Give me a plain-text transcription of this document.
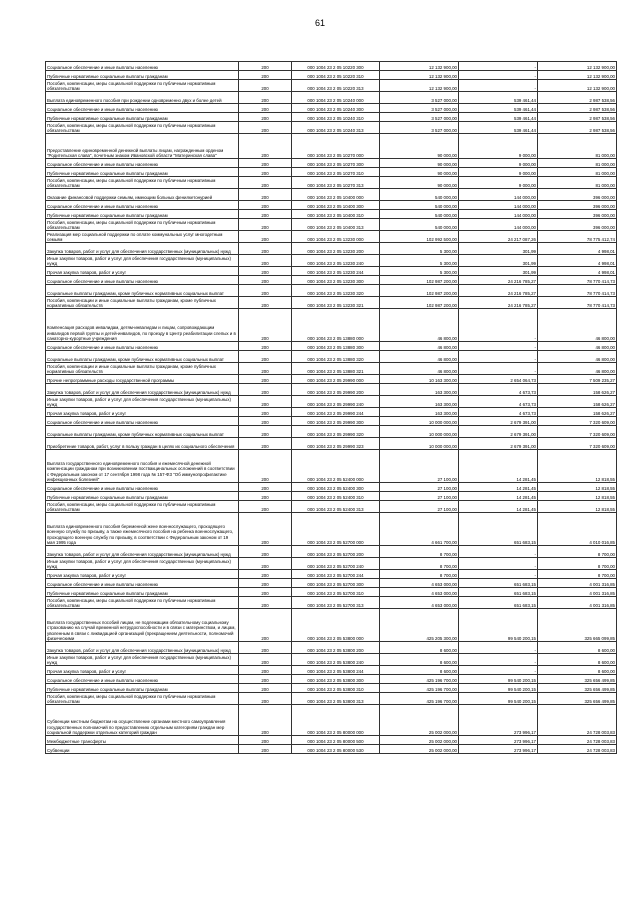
61
Социальное обеспечение и иные выплаты населению	200	000 1004 23 2 05 10220 300	12 132 900,00	-	12 132 900,00
Публичные нормативные социальные выплаты гражданам	200	000 1004 23 2 05 10220 310	12 132 900,00	-	12 132 900,00
Пособия, компенсации, меры социальной поддержки по публичным нормативным обязательствам	200	000 1004 23 2 05 10220 313	12 132 900,00	-	12 132 900,00
Выплата единовременного пособия при рождении одновременно двух и более детей	200	000 1004 23 2 05 10240 000	3 527 000,00	539 461,44	2 987 538,56
Социальное обеспечение и иные выплаты населению	200	000 1004 23 2 05 10240 300	3 527 000,00	539 461,44	2 987 538,56
Публичные нормативные социальные выплаты гражданам	200	000 1004 23 2 05 10240 310	3 527 000,00	539 461,44	2 987 538,56
Пособия, компенсации, меры социальной поддержки по публичным нормативным обязательствам	200	000 1004 23 2 05 10240 313	3 527 000,00	539 461,44	2 987 538,56
Предоставление единовременной денежной выплаты лицам, награжденным орденом "Родительская слава", почетным знаком Ивановской области "Материнская слава"	200	000 1004 23 2 05 10270 000	90 000,00	9 000,00	81 000,00
Социальное обеспечение и иные выплаты населению	200	000 1004 23 2 05 10270 300	90 000,00	9 000,00	81 000,00
Публичные нормативные социальные выплаты гражданам	200	000 1004 23 2 05 10270 310	90 000,00	9 000,00	81 000,00
Пособия, компенсации, меры социальной поддержки по публичным нормативным обязательствам	200	000 1004 23 2 05 10270 313	90 000,00	9 000,00	81 000,00
Оказание финансовой поддержки семьям, имеющим больных фенилкетонурией	200	000 1004 23 2 05 10400 000	540 000,00	144 000,00	396 000,00
Социальное обеспечение и иные выплаты населению	200	000 1004 23 2 05 10400 300	540 000,00	144 000,00	396 000,00
Публичные нормативные социальные выплаты гражданам	200	000 1004 23 2 05 10400 310	540 000,00	144 000,00	396 000,00
Пособия, компенсации, меры социальной поддержки по публичным нормативным обязательствам	200	000 1004 23 2 05 10400 313	540 000,00	144 000,00	396 000,00
Реализация мер социальной поддержки по оплате коммунальных услуг многодетным семьям	200	000 1004 23 2 05 13230 000	102 992 500,00	24 217 087,26	78 775 412,74
Закупка товаров, работ и услуг для обеспечения государственных (муниципальных) нужд	200	000 1004 23 2 05 13230 200	5 300,00	301,99	4 998,01
Иные закупки товаров, работ и услуг для обеспечения государственных (муниципальных) нужд	200	000 1004 23 2 05 13230 240	5 300,00	301,99	4 998,01
Прочая закупка товаров, работ и услуг	200	000 1004 23 2 05 13230 244	5 300,00	301,99	4 998,01
Социальное обеспечение и иные выплаты населению	200	000 1004 23 2 05 13230 300	102 987 200,00	24 216 785,27	78 770 414,73
Социальные выплаты гражданам, кроме публичных нормативных социальных выплат	200	000 1004 23 2 05 13230 320	102 987 200,00	24 216 785,27	78 770 414,73
Пособия, компенсации и иные социальные выплаты гражданам, кроме публичных нормативных обязательств	200	000 1004 23 2 05 13230 321	102 987 200,00	24 216 785,27	78 770 414,73
Компенсация расходов инвалидам, детям-инвалидам и лицам, сопровождающим инвалидов первой группы и детей-инвалидов, по проезду в Центр реабилитации слепых и в санаторно-курортные учреждения	200	000 1004 23 2 05 13880 000	46 800,00	-	46 800,00
Социальное обеспечение и иные выплаты населению	200	000 1004 23 2 05 13880 300	46 800,00	-	46 800,00
Социальные выплаты гражданам, кроме публичных нормативных социальных выплат	200	000 1004 23 2 05 13880 320	46 800,00	-	46 800,00
Пособия, компенсации и иные социальные выплаты гражданам, кроме публичных нормативных обязательств	200	000 1004 23 2 05 13880 321	46 800,00	-	46 800,00
Прочие непрограммные расходы государственной программы	200	000 1004 23 2 05 29990 000	10 163 300,00	2 654 064,73	7 509 235,27
Закупка товаров, работ и услуг для обеспечения государственных (муниципальных) нужд	200	000 1004 23 2 05 29990 200	163 300,00	4 673,73	158 626,27
Иные закупки товаров, работ и услуг для обеспечения государственных (муниципальных) нужд	200	000 1004 23 2 05 29990 240	163 300,00	4 673,73	158 626,27
Прочая закупка товаров, работ и услуг	200	000 1004 23 2 05 29990 244	163 300,00	4 673,73	158 626,27
Социальное обеспечение и иные выплаты населению	200	000 1004 23 2 05 29990 300	10 000 000,00	2 679 391,00	7 320 609,00
Социальные выплаты гражданам, кроме публичных нормативных социальных выплат	200	000 1004 23 2 05 29990 320	10 000 000,00	2 679 391,00	7 320 609,00
Приобретение товаров, работ, услуг в пользу граждан в целях их социального обеспечения	200	000 1004 23 2 05 29990 323	10 000 000,00	2 679 391,00	7 320 609,00
Выплата государственного единовременного пособия и ежемесячной денежной компенсации гражданам при возникновении поствакцинальных осложнений в соответствии с Федеральным законом от 17 сентября 1998 года № 157-ФЗ "Об иммунопрофилактике инфекционных болезней"	200	000 1004 23 2 05 52400 000	27 100,00	14 281,45	12 818,55
Социальное обеспечение и иные выплаты населению	200	000 1004 23 2 05 52400 300	27 100,00	14 281,45	12 818,55
Публичные нормативные социальные выплаты гражданам	200	000 1004 23 2 05 52400 310	27 100,00	14 281,45	12 818,55
Пособия, компенсации, меры социальной поддержки по публичным нормативным обязательствам	200	000 1004 23 2 05 52400 313	27 100,00	14 281,45	12 818,55
Выплата единовременного пособия беременной жене военнослужащего, проходящего военную службу по призыву, а также ежемесячного пособия на ребенка военнослужащего, проходящего военную службу по призыву, в соответствии с Федеральным законом от 19 мая 1995 года	200	000 1004 23 2 05 52700 000	4 661 700,00	651 683,15	4 010 016,85
Закупка товаров, работ и услуг для обеспечения государственных (муниципальных) нужд	200	000 1004 23 2 05 52700 200	8 700,00	-	8 700,00
Иные закупки товаров, работ и услуг для обеспечения государственных (муниципальных) нужд	200	000 1004 23 2 05 52700 240	8 700,00	-	8 700,00
Прочая закупка товаров, работ и услуг	200	000 1004 23 2 05 52700 244	8 700,00	-	8 700,00
Социальное обеспечение и иные выплаты населению	200	000 1004 23 2 05 52700 300	4 653 000,00	651 683,15	4 001 316,85
Публичные нормативные социальные выплаты гражданам	200	000 1004 23 2 05 52700 310	4 653 000,00	651 683,15	4 001 316,85
Пособия, компенсации, меры социальной поддержки по публичным нормативным обязательствам	200	000 1004 23 2 05 52700 313	4 653 000,00	651 683,15	4 001 316,85
Выплата государственных пособий лицам, не подлежащим обязательному социальному страхованию на случай временной нетрудоспособности и в связи с материнством, и лицам, уволенным в связи с ликвидацией организаций (прекращением деятельности, полномочий физическими	200	000 1004 23 2 05 53800 000	425 205 300,00	99 540 200,15	325 665 099,85
Закупка товаров, работ и услуг для обеспечения государственных (муниципальных) нужд	200	000 1004 23 2 05 53800 200	8 600,00	-	8 600,00
Иные закупки товаров, работ и услуг для обеспечения государственных (муниципальных) нужд	200	000 1004 23 2 05 53800 240	8 600,00	-	8 600,00
Прочая закупка товаров, работ и услуг	200	000 1004 23 2 05 53800 244	8 600,00	-	8 600,00
Социальное обеспечение и иные выплаты населению	200	000 1004 23 2 05 53800 300	425 196 700,00	99 540 200,15	325 656 499,85
Публичные нормативные социальные выплаты гражданам	200	000 1004 23 2 05 53800 310	425 196 700,00	99 540 200,15	325 656 499,85
Пособия, компенсации, меры социальной поддержки по публичным нормативным обязательствам	200	000 1004 23 2 05 53800 313	425 196 700,00	99 540 200,15	325 656 499,85
Субвенции местным бюджетам на осуществление органами местного самоуправления государственных полномочий по предоставлению отдельным категориям граждан мер социальной поддержки отдельных категорий граждан	200	000 1004 23 2 05 80000 000	25 002 000,00	273 996,17	24 728 003,83
Межбюджетные трансферты	200	000 1004 23 2 05 80000 500	25 002 000,00	273 996,17	24 728 003,83
Субвенции	200	000 1004 23 2 05 80000 530	25 002 000,00	273 996,17	24 728 003,83
